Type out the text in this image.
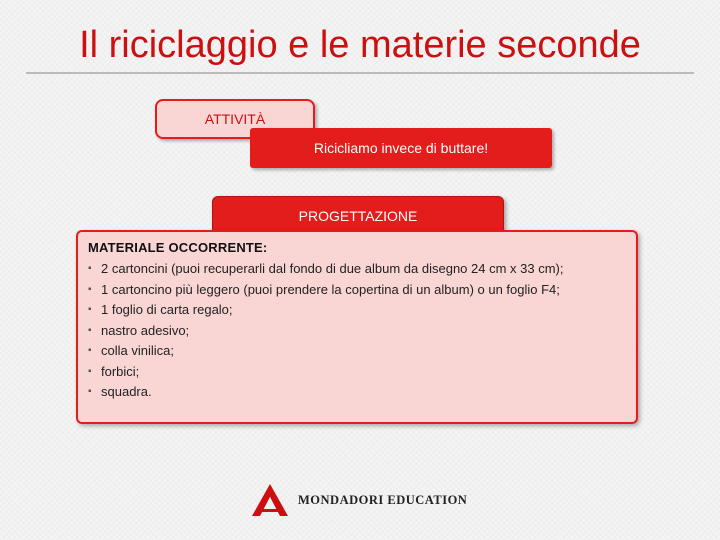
Il riciclaggio e le materie seconde
ATTIVITÀ
Ricicliamo invece di buttare!
PROGETTAZIONE
MATERIALE OCCORRENTE:
▪ 2 cartoncini (puoi recuperarli dal fondo di due album da disegno 24 cm x 33 cm);
▪ 1 cartoncino più leggero (puoi prendere la copertina di un album) o un foglio F4;
▪ 1 foglio di carta regalo;
▪ nastro adesivo;
▪ colla vinilica;
▪ forbici;
▪ squadra.
MONDADORI EDUCATION
